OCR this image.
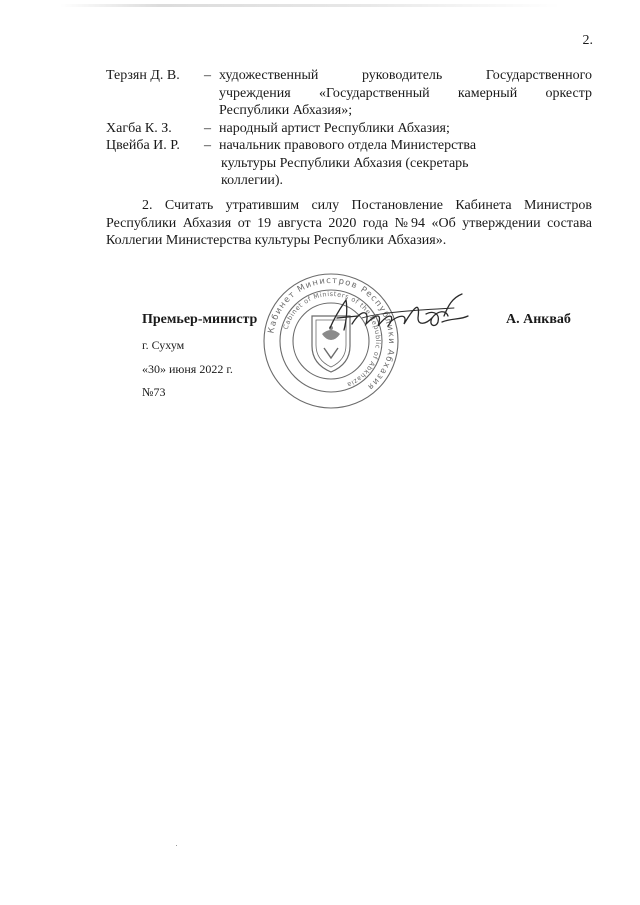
2.
Терзян Д. В.	– художественный руководитель Государственного
учреждения «Государственный камерный оркестр
Республики Абхазия»;
Хагба К. З.	– народный артист Республики Абхазия;
Цвейба И. Р.	– начальник правового отдела Министерства
культуры Республики Абхазия (секретарь
коллегии).
2. Считать утратившим силу Постановление Кабинета Министров Республики Абхазия от 19 августа 2020 года №94 «Об утверждении состава Коллегии Министерства культуры Республики Абхазия».
Кабинет Министров Республики Абхазия
Cabinet of Ministers of the Republic of Abkhazia
Премьер-министр	А. Анкваб
г. Сухум
«30» июня 2022 г.
№73
